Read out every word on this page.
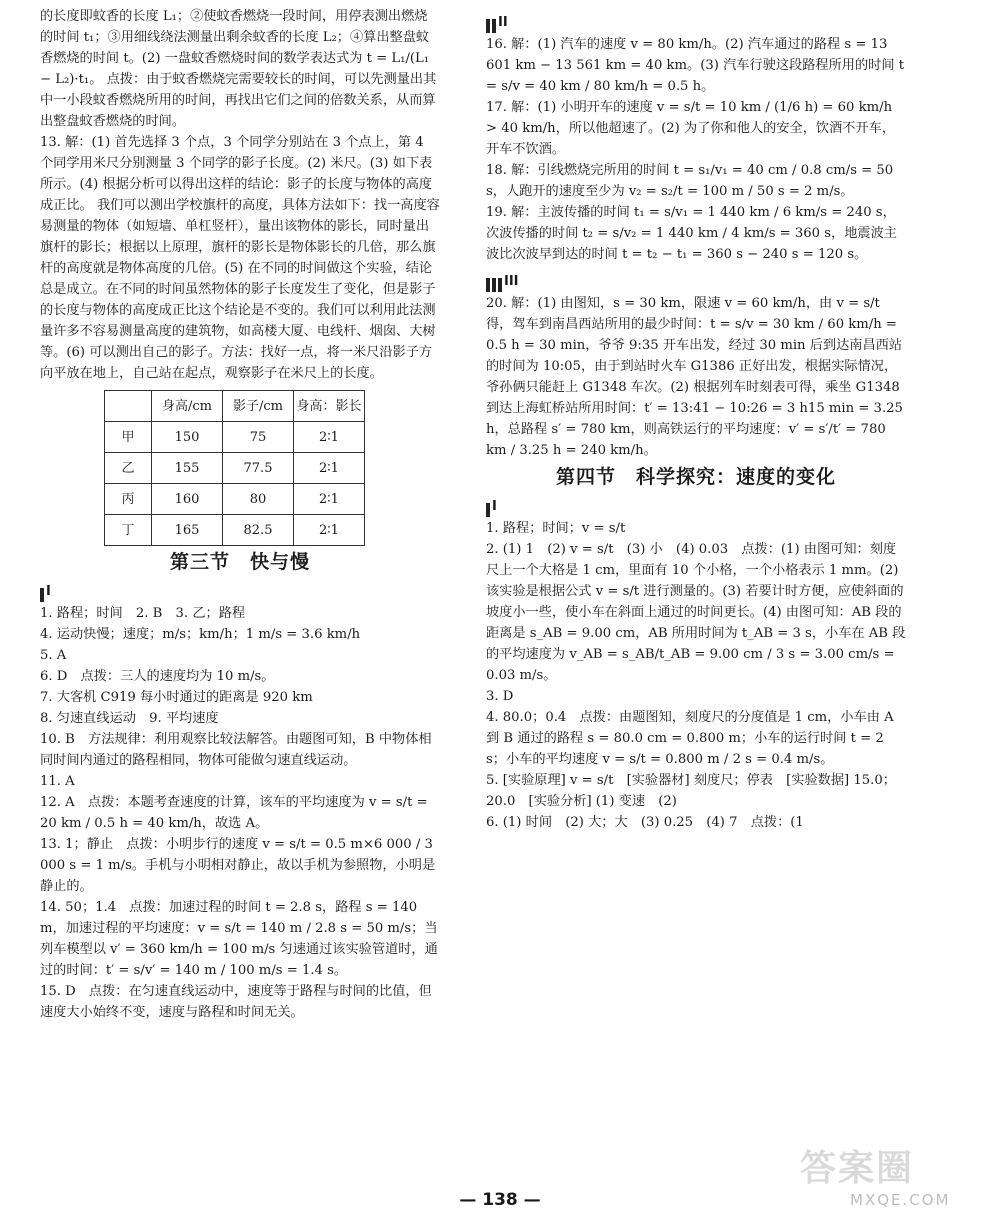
的长度即蚊香的长度 L₁；②使蚊香燃烧一段时间，用停表测出燃烧的时间 t₁；③用细线绕法测量出剩余蚊香的长度 L₂；④算出整盘蚊香燃烧的时间 t。(2) 一盘蚊香燃烧时间的数学表达式为 t = L₁/(L₁ − L₂)·t₁。 点拨：由于蚊香燃烧完需要较长的时间，可以先测量出其中一小段蚊香燃烧所用的时间，再找出它们之间的倍数关系，从而算出整盘蚊香燃烧的时间。

13. 解：(1) 首先选择 3 个点，3 个同学分别站在 3 个点上，第 4 个同学用米尺分别测量 3 个同学的影子长度。(2) 米尺。(3) 如下表所示。(4) 根据分析可以得出这样的结论：影子的长度与物体的高度成正比。 我们可以测出学校旗杆的高度，具体方法如下：找一高度容易测量的物体（如短墙、单杠竖杆），量出该物体的影长，同时量出旗杆的影长；根据以上原理，旗杆的影长是物体影长的几倍，那么旗杆的高度就是物体高度的几倍。(5) 在不同的时间做这个实验，结论总是成立。在不同的时间虽然物体的影子长度发生了变化，但是影子的长度与物体的高度成正比这个结论是不变的。我们可以利用此法测量许多不容易测量高度的建筑物，如高楼大厦、电线杆、烟囱、大树等。(6) 可以测出自己的影子。方法：找好一点，将一米尺沿影子方向平放在地上，自己站在起点，观察影子在米尺上的长度。

	身高/cm	影子/cm	身高：影长
甲	150	75	2∶1
乙	155	77.5	2∶1
丙	160	80	2∶1
丁	165	82.5	2∶1
第三节　快与慢
I

1. 路程；时间　2. B　3. 乙；路程

4. 运动快慢；速度；m/s；km/h；1 m/s = 3.6 km/h

5. A

6. D　点拨：三人的速度均为 10 m/s。

7. 大客机 C919 每小时通过的距离是 920 km

8. 匀速直线运动　9. 平均速度

10. B　方法规律：利用观察比较法解答。由题图可知，B 中物体相同时间内通过的路程相同，物体可能做匀速直线运动。

11. A

12. A　点拨：本题考查速度的计算，该车的平均速度为 v = s/t = 20 km / 0.5 h = 40 km/h，故选 A。

13. 1；静止　点拨：小明步行的速度 v = s/t = 0.5 m×6 000 / 3 000 s = 1 m/s。手机与小明相对静止，故以手机为参照物，小明是静止的。

14. 50；1.4　点拨：加速过程的时间 t = 2.8 s，路程 s = 140 m，加速过程的平均速度：v = s/t = 140 m / 2.8 s = 50 m/s；当列车模型以 v′ = 360 km/h = 100 m/s 匀速通过该实验管道时，通过的时间：t′ = s/v′ = 140 m / 100 m/s = 1.4 s。

15. D　点拨：在匀速直线运动中，速度等于路程与时间的比值，但速度大小始终不变，速度与路程和时间无关。

II

16. 解：(1) 汽车的速度 v = 80 km/h。(2) 汽车通过的路程 s = 13 601 km − 13 561 km = 40 km。(3) 汽车行驶这段路程所用的时间 t = s/v = 40 km / 80 km/h = 0.5 h。

17. 解：(1) 小明开车的速度 v = s/t = 10 km / (1/6 h) = 60 km/h > 40 km/h，所以他超速了。(2) 为了你和他人的安全，饮酒不开车，开车不饮酒。

18. 解：引线燃烧完所用的时间 t = s₁/v₁ = 40 cm / 0.8 cm/s = 50 s，人跑开的速度至少为 v₂ = s₂/t = 100 m / 50 s = 2 m/s。

19. 解：主波传播的时间 t₁ = s/v₁ = 1 440 km / 6 km/s = 240 s，次波传播的时间 t₂ = s/v₂ = 1 440 km / 4 km/s = 360 s，地震波主波比次波早到达的时间 t = t₂ − t₁ = 360 s − 240 s = 120 s。

III

20. 解：(1) 由图知，s = 30 km，限速 v = 60 km/h，由 v = s/t 得，驾车到南昌西站所用的最少时间：t = s/v = 30 km / 60 km/h = 0.5 h = 30 min，爷爷 9:35 开车出发，经过 30 min 后到达南昌西站的时间为 10:05，由于到站时火车 G1386 正好出发，根据实际情况，爷孙俩只能赶上 G1348 车次。(2) 根据列车时刻表可得，乘坐 G1348 到达上海虹桥站所用时间：t′ = 13:41 − 10:26 = 3 h15 min = 3.25 h，总路程 s′ = 780 km，则高铁运行的平均速度：v′ = s′/t′ = 780 km / 3.25 h = 240 km/h。

第四节　科学探究：速度的变化
I

1. 路程；时间；v = s/t

2. (1) 1　(2) v = s/t　(3) 小　(4) 0.03　点拨：(1) 由图可知：刻度尺上一个大格是 1 cm，里面有 10 个小格，一个小格表示 1 mm。(2) 该实验是根据公式 v = s/t 进行测量的。(3) 若要计时方便，应使斜面的坡度小一些，使小车在斜面上通过的时间更长。(4) 由图可知：AB 段的距离是 s_AB = 9.00 cm，AB 所用时间为 t_AB = 3 s，小车在 AB 段的平均速度为 v_AB = s_AB/t_AB = 9.00 cm / 3 s = 3.00 cm/s = 0.03 m/s。

3. D

4. 80.0；0.4　点拨：由题图知，刻度尺的分度值是 1 cm，小车由 A 到 B 通过的路程 s = 80.0 cm = 0.800 m；小车的运行时间 t = 2 s；小车的平均速度 v = s/t = 0.800 m / 2 s = 0.4 m/s。

5. [实验原理] v = s/t　[实验器材] 刻度尺；停表　[实验数据] 15.0；20.0　[实验分析] (1) 变速　(2)

6. (1) 时间　(2) 大；大　(3) 0.25　(4) 7　点拨：(1

— 138 —
答案圈
MXQE.COM
